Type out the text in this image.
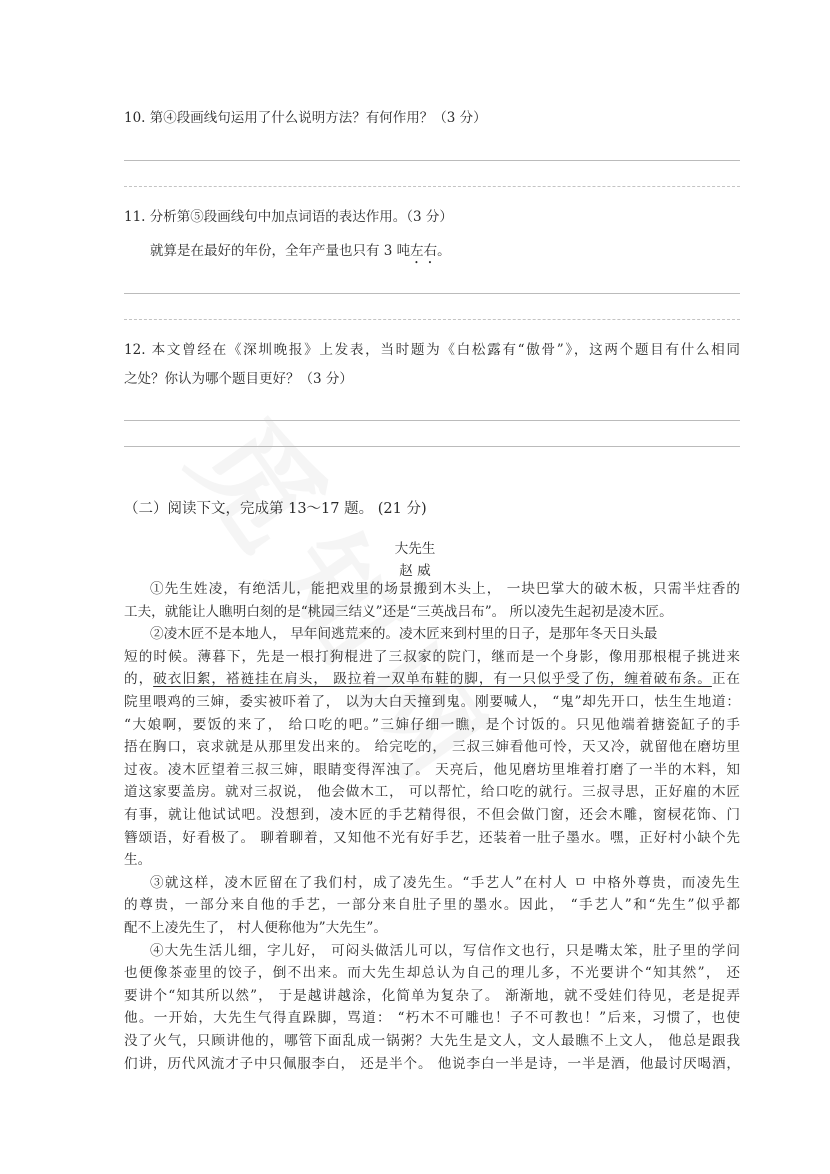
10. 第④段画线句运用了什么说明方法？有何作用？（3 分）
11. 分析第⑤段画线句中加点词语的表达作用。（3 分）
就算是在最好的年份，全年产量也只有 3 吨左右。
12. 本文曾经在《深圳晚报》上发表，当时题为《白松露有“傲骨”》，这两个题目有什么相同
之处？你认为哪个题目更好？（3 分）
（二）阅读下文，完成第 13～17 题。 (21 分)
大先生
赵 威
①先生姓凌，有绝活儿，能把戏里的场景搬到木头上， 一块巴掌大的破木板，只需半炷香的
工夫，就能让人瞧明白刻的是“桃园三结义”还是“三英战吕布”。 所以凌先生起初是凌木匠。
②凌木匠不是本地人， 早年间逃荒来的。凌木匠来到村里的日子，是那年冬天日头最
短的时候。薄暮下，先是一根打狗棍进了三叔家的院门，继而是一个身影，像用那根棍子挑进来
的，破衣旧絮，褡裢挂在肩头， 趿拉着一双单布鞋的脚，有一只似乎受了伤，缠着破布条。正在
院里喂鸡的三婶，委实被吓着了， 以为大白天撞到鬼。刚要喊人， “鬼”却先开口，怯生生地道：
“大娘啊，要饭的来了， 给口吃的吧。”三婶仔细一瞧，是个讨饭的。只见他端着搪瓷缸子的手
捂在胸口，哀求就是从那里发出来的。 给完吃的， 三叔三婶看他可怜，天又冷，就留他在磨坊里
过夜。凌木匠望着三叔三婶，眼睛变得浑浊了。 天亮后，他见磨坊里堆着打磨了一半的木料，知
道这家要盖房。就对三叔说， 他会做木工， 可以帮忙，给口吃的就行。三叔寻思，正好雇的木匠
有事，就让他试试吧。没想到，凌木匠的手艺精得很，不但会做门窗，还会木雕，窗棂花饰、门
簪颂语，好看极了。 聊着聊着，又知他不光有好手艺，还装着一肚子墨水。嘿，正好村小缺个先
生。
③就这样，凌木匠留在了我们村，成了凌先生。“手艺人”在村人 ㅁ 中格外尊贵，而凌先生
的尊贵，一部分来自他的手艺，一部分来自肚子里的墨水。因此， “手艺人”和“先生”似乎都
配不上凌先生了， 村人便称他为”大先生”。
④大先生活儿细，字儿好， 可闷头做活儿可以，写信作文也行，只是嘴太笨，肚子里的学问
也便像茶壶里的饺子，倒不出来。而大先生却总认为自己的理儿多，不光要讲个“知其然”， 还
要讲个“知其所以然”， 于是越讲越涂，化简单为复杂了。 渐渐地，就不受娃们待见，老是捉弄
他。一开始，大先生气得直跺脚，骂道： “朽木不可雕也！子不可教也！”后来，习惯了，也使
没了火气，只顾讲他的，哪管下面乱成一锅粥？大先生是文人，文人最瞧不上文人， 他总是跟我
们讲，历代风流才子中只佩服李白， 还是半个。 他说李白一半是诗，一半是酒，他最讨厌喝酒，
